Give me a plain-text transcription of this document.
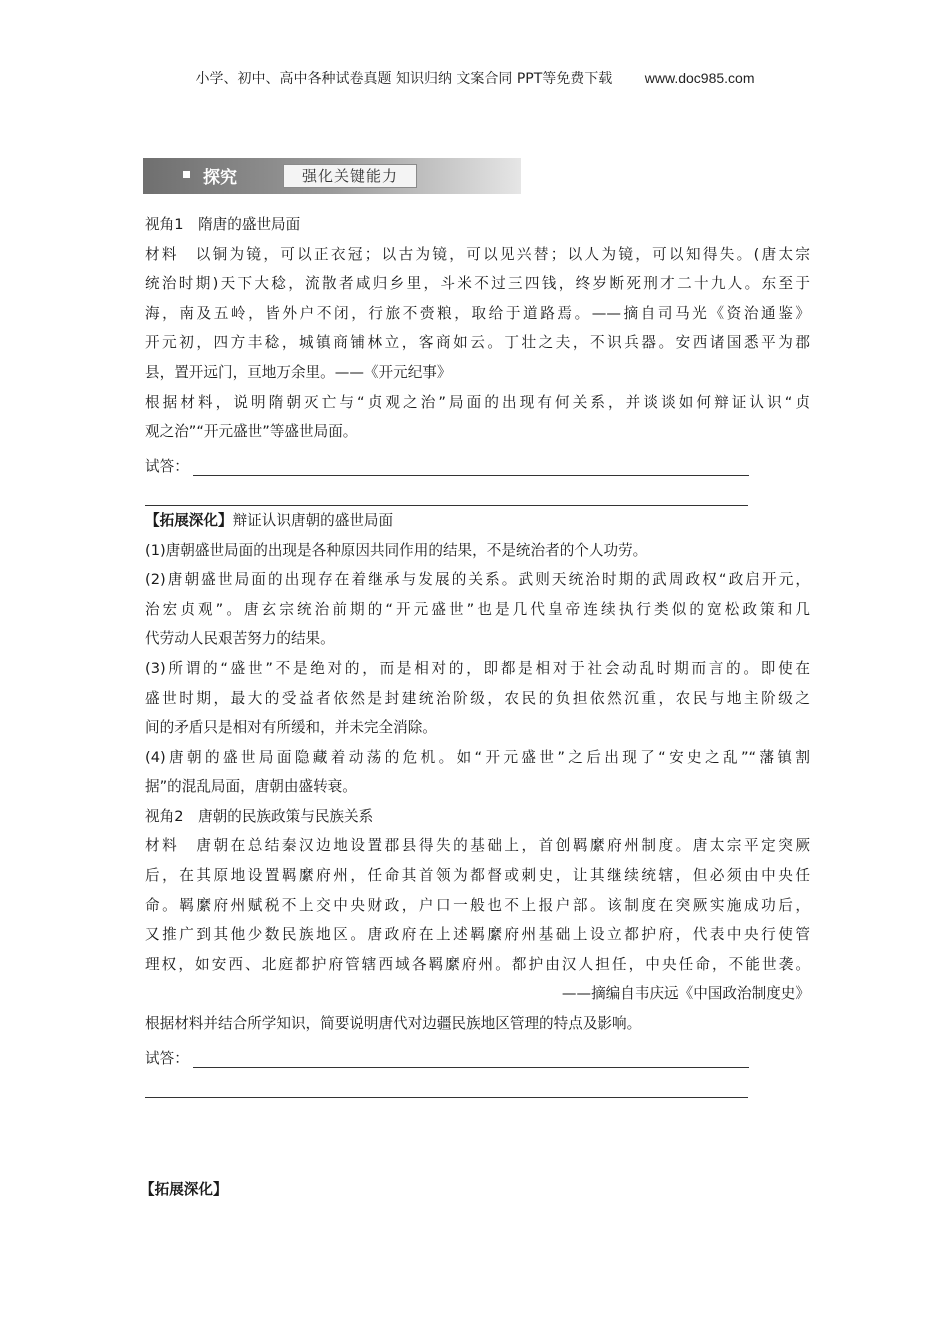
小学、初中、高中各种试卷真题 知识归纳 文案合同 PPT等免费下载 www.doc985.com
探究	强化关键能力
视角1　隋唐的盛世局面
材料　以铜为镜，可以正衣冠；以古为镜，可以见兴替；以人为镜，可以知得失。(唐太宗
统治时期)天下大稔，流散者咸归乡里，斗米不过三四钱，终岁断死刑才二十九人。东至于
海，南及五岭，皆外户不闭，行旅不赍粮，取给于道路焉。——摘自司马光《资治通鉴》
开元初，四方丰稔，城镇商铺林立，客商如云。丁壮之夫，不识兵器。安西诸国悉平为郡
县，置开远门，亘地万余里。——《开元纪事》
根据材料，说明隋朝灭亡与“贞观之治”局面的出现有何关系，并谈谈如何辩证认识“贞
观之治”“开元盛世”等盛世局面。
试答：
【拓展深化】辩证认识唐朝的盛世局面
(1)唐朝盛世局面的出现是各种原因共同作用的结果，不是统治者的个人功劳。
(2)唐朝盛世局面的出现存在着继承与发展的关系。武则天统治时期的武周政权“政启开元，
治宏贞观”。唐玄宗统治前期的“开元盛世”也是几代皇帝连续执行类似的宽松政策和几
代劳动人民艰苦努力的结果。
(3)所谓的“盛世”不是绝对的，而是相对的，即都是相对于社会动乱时期而言的。即使在
盛世时期，最大的受益者依然是封建统治阶级，农民的负担依然沉重，农民与地主阶级之
间的矛盾只是相对有所缓和，并未完全消除。
(4)唐朝的盛世局面隐藏着动荡的危机。如“开元盛世”之后出现了“安史之乱”“藩镇割
据”的混乱局面，唐朝由盛转衰。
视角2　唐朝的民族政策与民族关系
材料　唐朝在总结秦汉边地设置郡县得失的基础上，首创羁縻府州制度。唐太宗平定突厥
后，在其原地设置羁縻府州，任命其首领为都督或刺史，让其继续统辖，但必须由中央任
命。羁縻府州赋税不上交中央财政，户口一般也不上报户部。该制度在突厥实施成功后，
又推广到其他少数民族地区。唐政府在上述羁縻府州基础上设立都护府，代表中央行使管
理权，如安西、北庭都护府管辖西域各羁縻府州。都护由汉人担任，中央任命，不能世袭。
——摘编自韦庆远《中国政治制度史》
根据材料并结合所学知识，简要说明唐代对边疆民族地区管理的特点及影响。
试答：
【拓展深化】
